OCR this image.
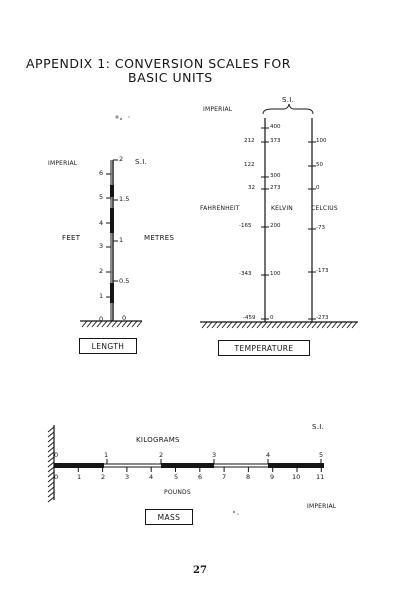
APPENDIX 1: CONVERSION SCALES FOR
BASIC UNITS
IMPERIAL	S.I.
FEET	METRES
6
5
4
3
2
1
0
2
1.5
1
0.5
0
LENGTH
IMPERIAL
S.I.
212
122
32
-165
-343
-459
400
373
300
273
200
100
0
100
50
0
-73
-173
-273
FAHRENHEIT	KELVIN	CELCIUS
TEMPERATURE
S.I.
KILOGRAMS
0	1	2	3	4	5
0	1	2	3	4	5	6	7	8	9	10 11
POUNDS
IMPERIAL
MASS
27
